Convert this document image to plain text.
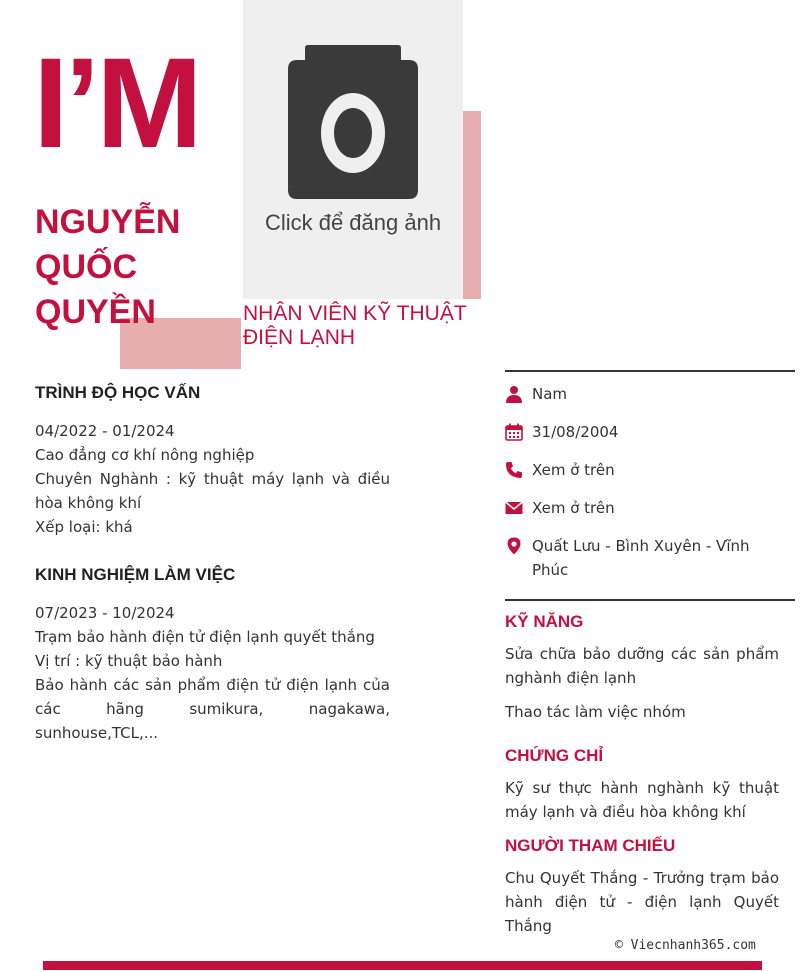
I’M
Click để đăng ảnh
NGUYỄN
QUỐC
QUYỀN	NHÂN VIÊN KỸ THUẬT ĐIỆN LẠNH

TRÌNH ĐỘ HỌC VẤN

04/2022 - 01/2024

Cao đẳng cơ khí nông nghiệp

Chuyên Nghành : kỹ thuật máy lạnh và điều hòa không khí

Xếp loại: khá

KINH NGHIỆM LÀM VIỆC

07/2023 - 10/2024

Trạm bảo hành điện tử điện lạnh quyết thắng

Vị trí : kỹ thuật bảo hành

Bảo hành các sản phẩm điện tử điện lạnh của các hãng sumikura, nagakawa, sunhouse,TCL,...

Nam
31/08/2004
Xem ở trên
Xem ở trên
Quất Lưu - Bình Xuyên - Vĩnh Phúc
KỸ NĂNG

Sửa chữa bảo dưỡng các sản phẩm nghành điện lạnh

Thao tác làm việc nhóm

CHỨNG CHỈ

Kỹ sư thực hành nghành kỹ thuật máy lạnh và điều hòa không khí

NGƯỜI THAM CHIẾU

Chu Quyết Thắng - Trưởng trạm bảo hành điện tử - điện lạnh Quyết Thắng

© Viecnhanh365.com
